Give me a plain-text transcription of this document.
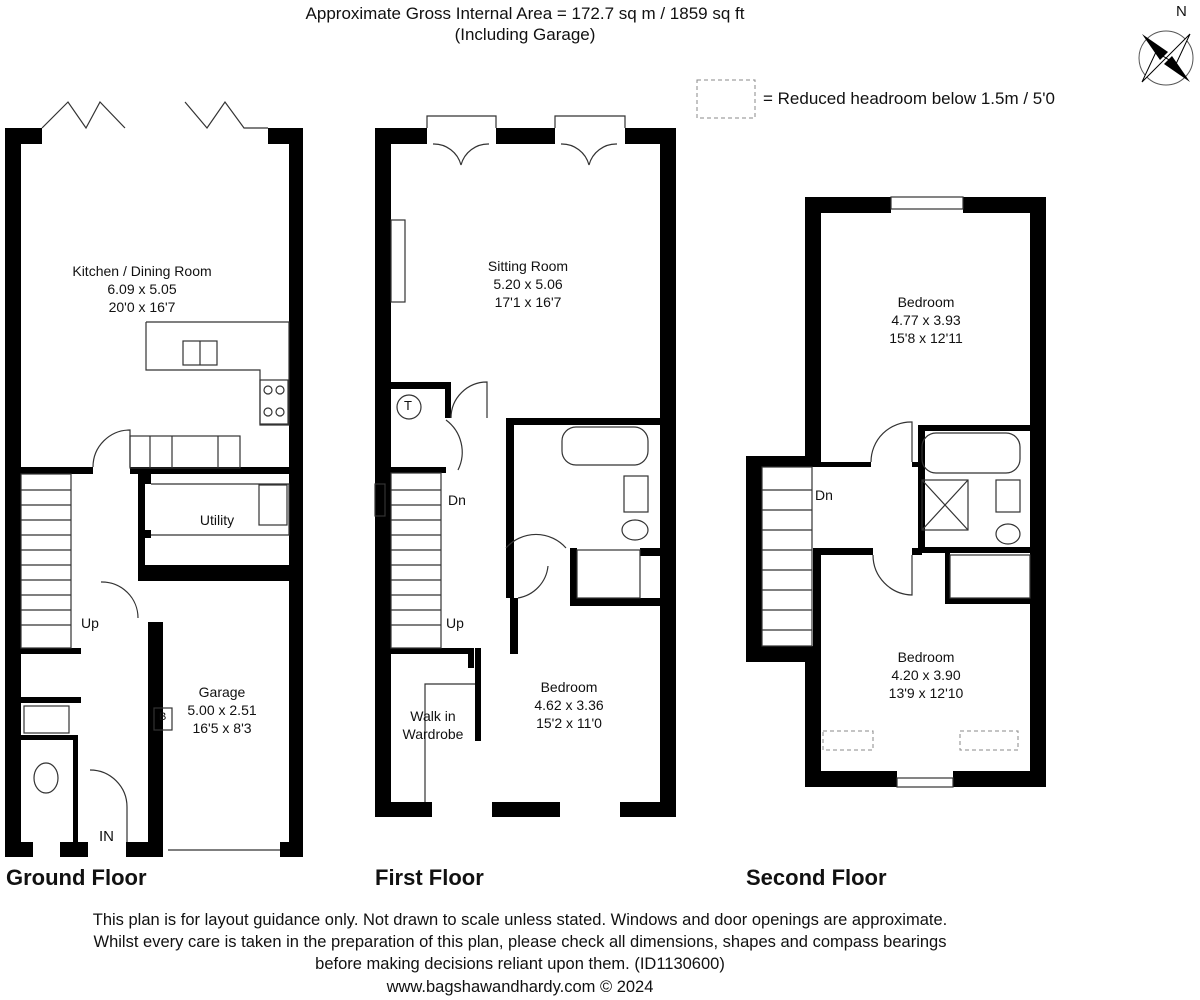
Approximate Gross Internal Area = 172.7 sq m / 1859 sq ft
(Including Garage)
= Reduced headroom below 1.5m / 5'0
N
Kitchen / Dining Room
6.09 x 5.05
20'0 x 16'7
Utility
Garage
5.00 x 2.51
16'5 x 8'3
B
Up
IN
Ground Floor
Sitting Room
5.20 x 5.06
17'1 x 16'7
Bedroom
4.62 x 3.36
15'2 x 11'0
Walk in
Wardrobe
T
Dn
Up
First Floor
Bedroom
4.77 x 3.93
15'8 x 12'11
Bedroom
4.20 x 3.90
13'9 x 12'10
Dn
Second Floor
This plan is for layout guidance only. Not drawn to scale unless stated. Windows and door openings are approximate.
Whilst every care is taken in the preparation of this plan, please check all dimensions, shapes and compass bearings
before making decisions reliant upon them. (ID1130600)
www.bagshawandhardy.com © 2024
